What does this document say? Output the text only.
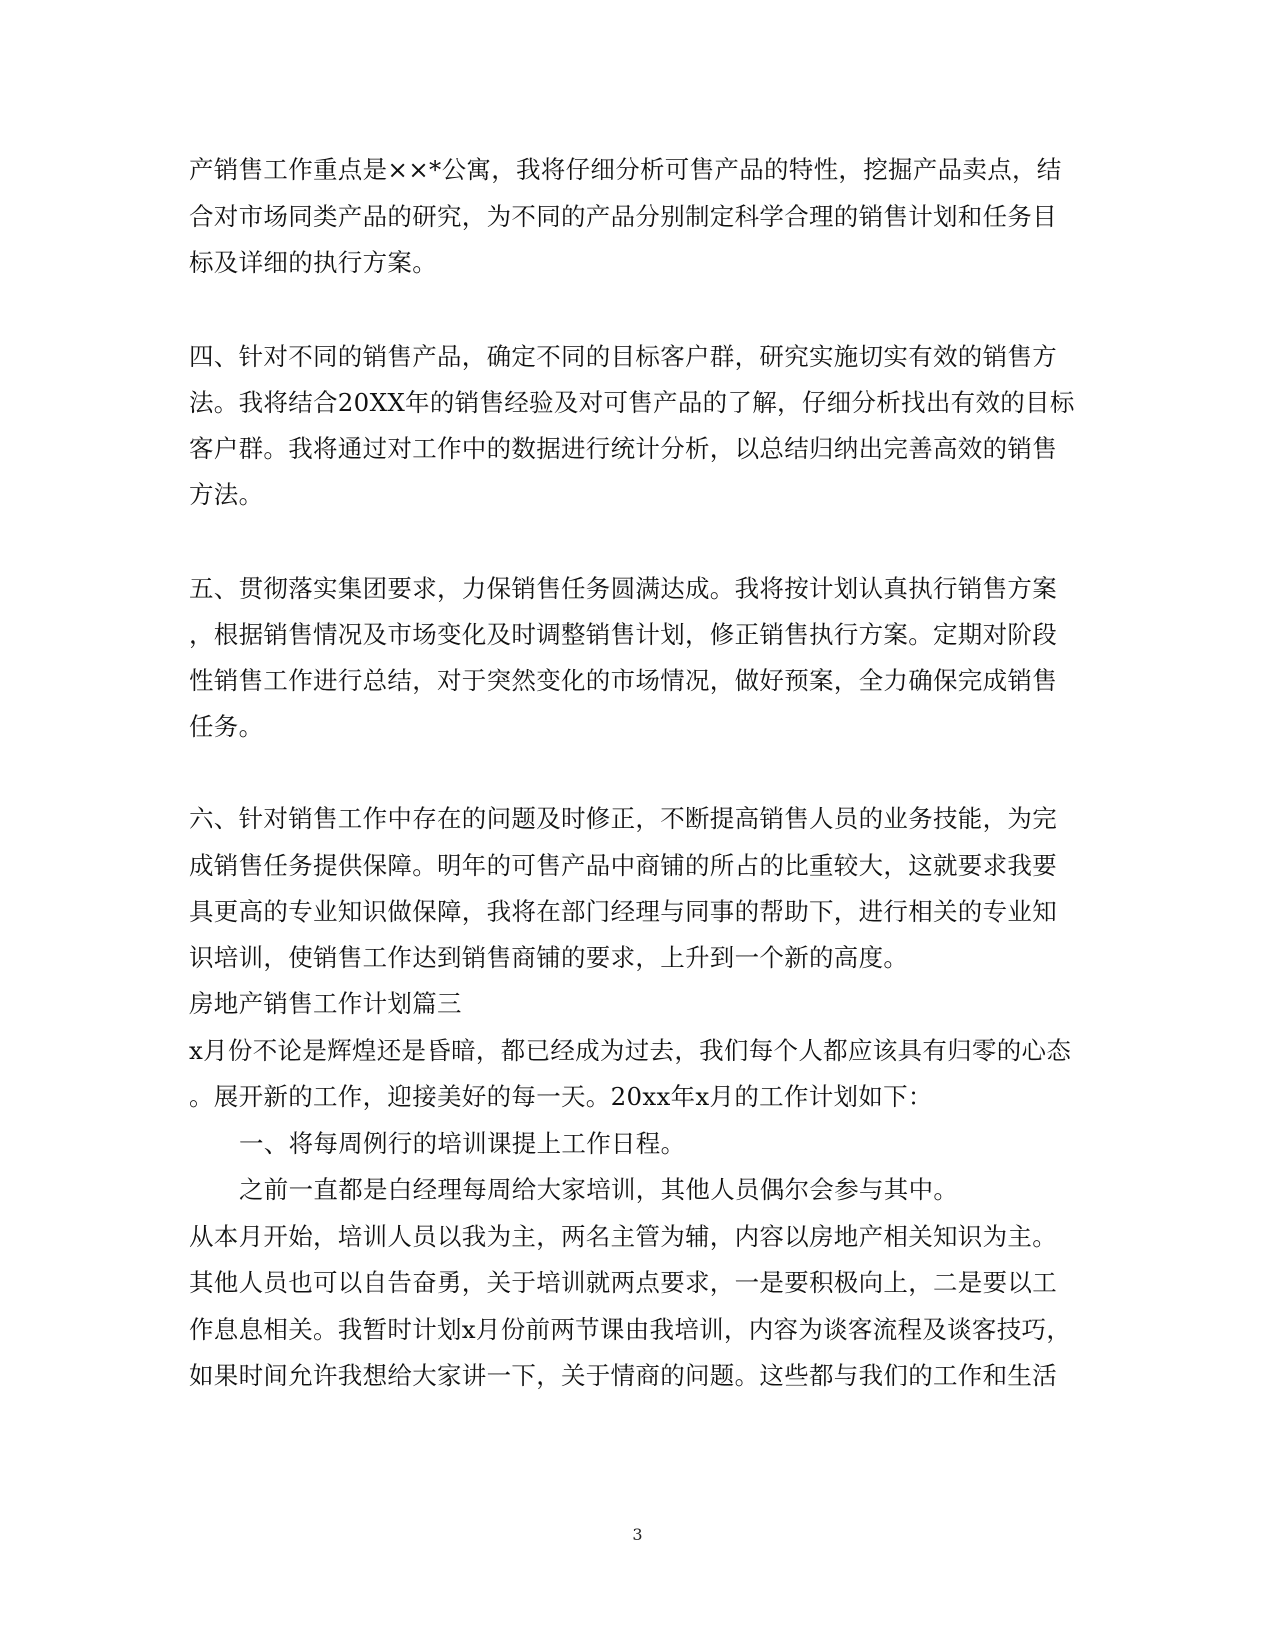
产销售工作重点是××*公寓，我将仔细分析可售产品的特性，挖掘产品卖点，结
合对市场同类产品的研究，为不同的产品分别制定科学合理的销售计划和任务目
标及详细的执行方案。
四、针对不同的销售产品，确定不同的目标客户群，研究实施切实有效的销售方
法。我将结合20XX年的销售经验及对可售产品的了解，仔细分析找出有效的目标
客户群。我将通过对工作中的数据进行统计分析，以总结归纳出完善高效的销售
方法。
五、贯彻落实集团要求，力保销售任务圆满达成。我将按计划认真执行销售方案
，根据销售情况及市场变化及时调整销售计划，修正销售执行方案。定期对阶段
性销售工作进行总结，对于突然变化的市场情况，做好预案，全力确保完成销售
任务。
六、针对销售工作中存在的问题及时修正，不断提高销售人员的业务技能，为完
成销售任务提供保障。明年的可售产品中商铺的所占的比重较大，这就要求我要
具更高的专业知识做保障，我将在部门经理与同事的帮助下，进行相关的专业知
识培训，使销售工作达到销售商铺的要求，上升到一个新的高度。
房地产销售工作计划篇三
x月份不论是辉煌还是昏暗，都已经成为过去，我们每个人都应该具有归零的心态
。展开新的工作，迎接美好的每一天。20xx年x月的工作计划如下：
一、将每周例行的培训课提上工作日程。
之前一直都是白经理每周给大家培训，其他人员偶尔会参与其中。
从本月开始，培训人员以我为主，两名主管为辅，内容以房地产相关知识为主。
其他人员也可以自告奋勇，关于培训就两点要求，一是要积极向上，二是要以工
作息息相关。我暂时计划x月份前两节课由我培训，内容为谈客流程及谈客技巧，
如果时间允许我想给大家讲一下，关于情商的问题。这些都与我们的工作和生活
3
